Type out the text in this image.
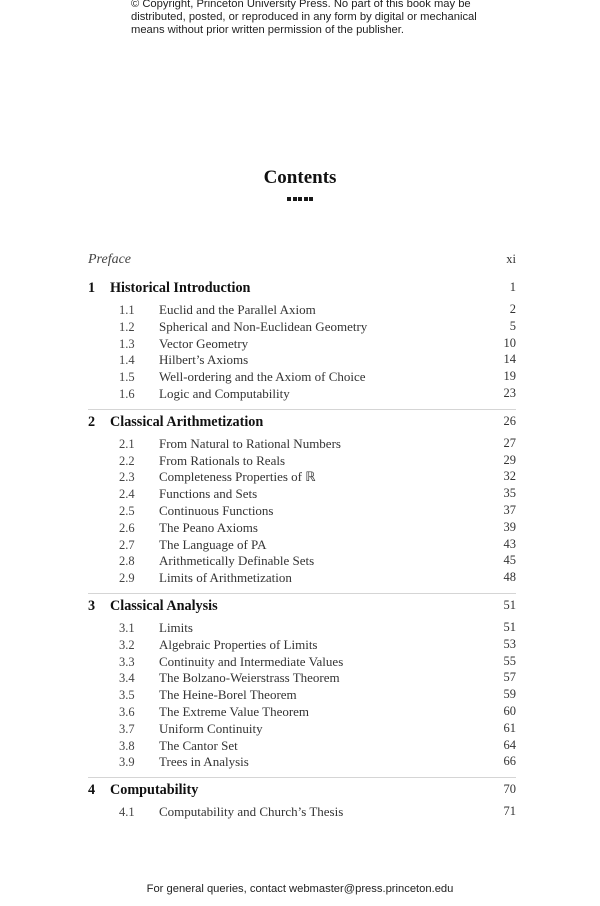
© Copyright, Princeton University Press. No part of this book may be distributed, posted, or reproduced in any form by digital or mechanical means without prior written permission of the publisher.
Contents
Preface	xi
1	Historical Introduction	1
1.1	Euclid and the Parallel Axiom	2
1.2	Spherical and Non-Euclidean Geometry	5
1.3	Vector Geometry	10
1.4	Hilbert’s Axioms	14
1.5	Well-ordering and the Axiom of Choice	19
1.6	Logic and Computability	23
2	Classical Arithmetization	26
2.1	From Natural to Rational Numbers	27
2.2	From Rationals to Reals	29
2.3	Completeness Properties of ℝ	32
2.4	Functions and Sets	35
2.5	Continuous Functions	37
2.6	The Peano Axioms	39
2.7	The Language of PA	43
2.8	Arithmetically Definable Sets	45
2.9	Limits of Arithmetization	48
3	Classical Analysis	51
3.1	Limits	51
3.2	Algebraic Properties of Limits	53
3.3	Continuity and Intermediate Values	55
3.4	The Bolzano-Weierstrass Theorem	57
3.5	The Heine-Borel Theorem	59
3.6	The Extreme Value Theorem	60
3.7	Uniform Continuity	61
3.8	The Cantor Set	64
3.9	Trees in Analysis	66
4	Computability	70
4.1	Computability and Church’s Thesis	71
For general queries, contact webmaster@press.princeton.edu
